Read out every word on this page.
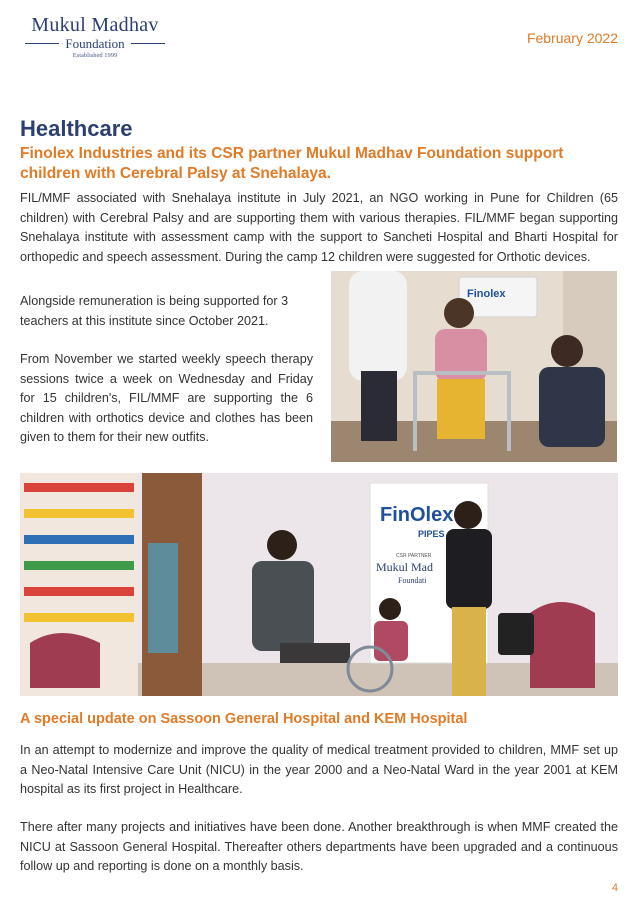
Mukul Madhav
Foundation
Established 1999
February 2022
Healthcare
Finolex Industries and its CSR partner Mukul Madhav Foundation support children with Cerebral Palsy at Snehalaya.

FIL/MMF associated with Snehalaya institute in July 2021, an NGO working in Pune for Children (65 children) with Cerebral Palsy and are supporting them with various therapies. FIL/MMF began supporting Snehalaya institute with assessment camp with the support to Sancheti Hospital and Bharti Hospital for orthopedic and speech assessment. During the camp 12 children were suggested for Orthotic devices.

Alongside remuneration is being supported for 3 teachers at this institute since October 2021.

From November we started weekly speech therapy sessions twice a week on Wednesday and Friday for 15 children's, FIL/MMF are supporting the 6 children with orthotics device and clothes has been given to them for their new outfits.

Finolex
FinOlex
PIPES
CSR PARTNER
Mukul Mad
Foundati
A special update on Sassoon General Hospital and KEM Hospital

In an attempt to modernize and improve the quality of medical treatment provided to children, MMF set up a Neo-Natal Intensive Care Unit (NICU) in the year 2000 and a Neo-Natal Ward in the year 2001 at KEM hospital as its first project in Healthcare.

There after many projects and initiatives have been done. Another breakthrough is when MMF created the NICU at Sassoon General Hospital. Thereafter others departments have been upgraded and a continuous follow up and reporting is done on a monthly basis.

4
